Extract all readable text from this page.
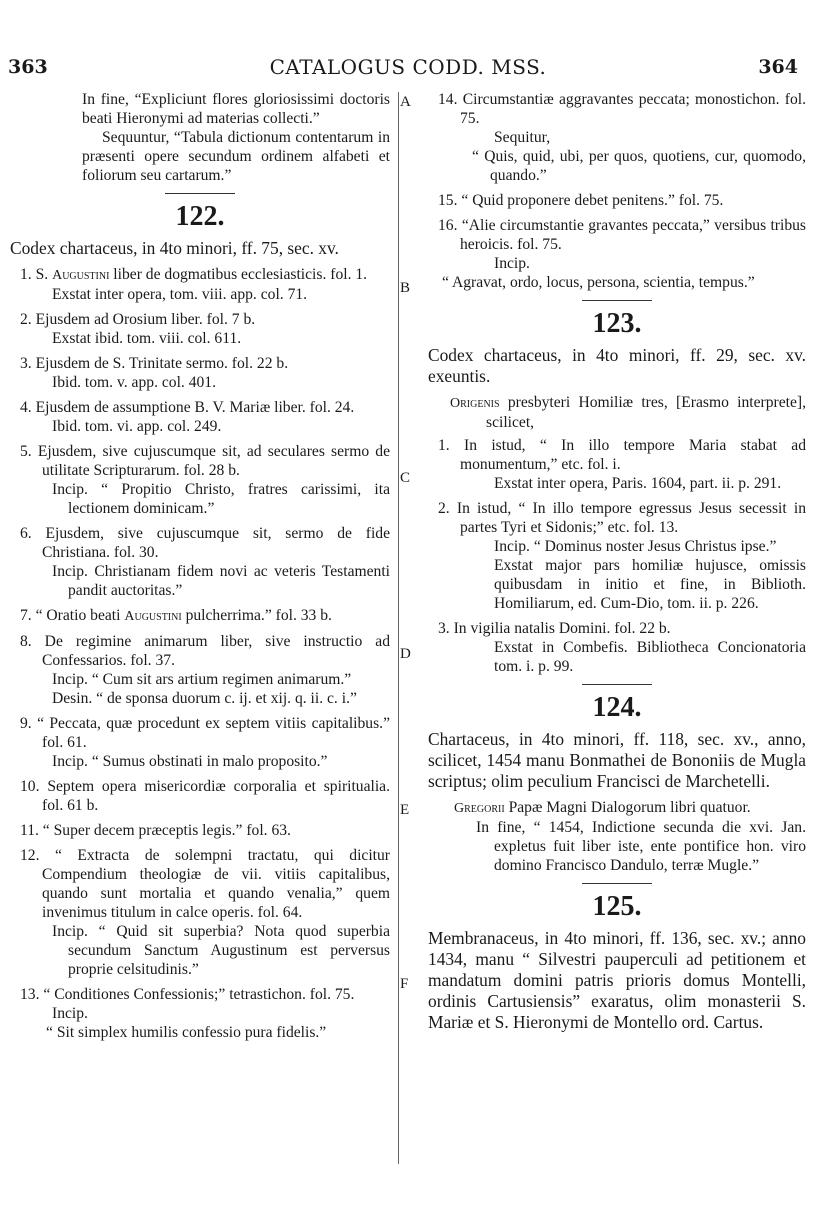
363	CATALOGUS CODD. MSS.	364
A
B
C
D
E
F

In fine, “Expliciunt flores gloriosissimi doctoris beati Hieronymi ad materias collecti.”

Sequuntur, “Tabula dictionum contentarum in præsenti opere secundum ordinem alfabeti et foliorum seu cartarum.”

122.

Codex chartaceus, in 4to minori, ff. 75, sec. xv.

1. S. Augustini liber de dogmatibus ecclesiasticis. fol. 1.

Exstat inter opera, tom. viii. app. col. 71.

2. Ejusdem ad Orosium liber. fol. 7 b.

Exstat ibid. tom. viii. col. 611.

3. Ejusdem de S. Trinitate sermo. fol. 22 b.

Ibid. tom. v. app. col. 401.

4. Ejusdem de assumptione B. V. Mariæ liber. fol. 24.

Ibid. tom. vi. app. col. 249.

5. Ejusdem, sive cujuscumque sit, ad seculares sermo de utilitate Scripturarum. fol. 28 b.

Incip. “ Propitio Christo, fratres carissimi, ita lectionem dominicam.”

6. Ejusdem, sive cujuscumque sit, sermo de fide Christiana. fol. 30.

Incip. Christianam fidem novi ac veteris Testamenti pandit auctoritas.”

7. “ Oratio beati Augustini pulcherrima.” fol. 33 b.

8. De regimine animarum liber, sive instructio ad Confessarios. fol. 37.

Incip. “ Cum sit ars artium regimen animarum.”

Desin. “ de sponsa duorum c. ij. et xij. q. ii. c. i.”

9. “ Peccata, quæ procedunt ex septem vitiis capitalibus.” fol. 61.

Incip. “ Sumus obstinati in malo proposito.”

10. Septem opera misericordiæ corporalia et spiritualia. fol. 61 b.

11. “ Super decem præceptis legis.” fol. 63.

12. “ Extracta de solempni tractatu, qui dicitur Compendium theologiæ de vii. vitiis capitalibus, quando sunt mortalia et quando venalia,” quem invenimus titulum in calce operis. fol. 64.

Incip. “ Quid sit superbia? Nota quod superbia secundum Sanctum Augustinum est perversus proprie celsitudinis.”

13. “ Conditiones Confessionis;” tetrastichon. fol. 75.

Incip.

“ Sit simplex humilis confessio pura fidelis.”

14. Circumstantiæ aggravantes peccata; monostichon. fol. 75.

Sequitur,

“ Quis, quid, ubi, per quos, quotiens, cur, quomodo, quando.”

15. “ Quid proponere debet penitens.” fol. 75.

16. “Alie circumstantie gravantes peccata,” versibus tribus heroicis. fol. 75.

Incip.

“ Agravat, ordo, locus, persona, scientia, tempus.”

123.

Codex chartaceus, in 4to minori, ff. 29, sec. xv. exeuntis.

Origenis presbyteri Homiliæ tres, [Erasmo interprete], scilicet,

1. In istud, “ In illo tempore Maria stabat ad monumentum,” etc. fol. i.

Exstat inter opera, Paris. 1604, part. ii. p. 291.

2. In istud, “ In illo tempore egressus Jesus secessit in partes Tyri et Sidonis;” etc. fol. 13.

Incip. “ Dominus noster Jesus Christus ipse.”

Exstat major pars homiliæ hujusce, omissis quibusdam in initio et fine, in Biblioth. Homiliarum, ed. Cum-Dio, tom. ii. p. 226.

3. In vigilia natalis Domini. fol. 22 b.

Exstat in Combefis. Bibliotheca Concionatoria tom. i. p. 99.

124.

Chartaceus, in 4to minori, ff. 118, sec. xv., anno, scilicet, 1454 manu Bonmathei de Bononiis de Mugla scriptus; olim peculium Francisci de Marchetelli.

Gregorii Papæ Magni Dialogorum libri quatuor.

In fine, “ 1454, Indictione secunda die xvi. Jan. expletus fuit liber iste, ente pontifice hon. viro domino Francisco Dandulo, terræ Mugle.”

125.

Membranaceus, in 4to minori, ff. 136, sec. xv.; anno 1434, manu “ Silvestri pauperculi ad petitionem et mandatum domini patris prioris domus Montelli, ordinis Cartusiensis” exaratus, olim monasterii S. Mariæ et S. Hieronymi de Montello ord. Cartus.
